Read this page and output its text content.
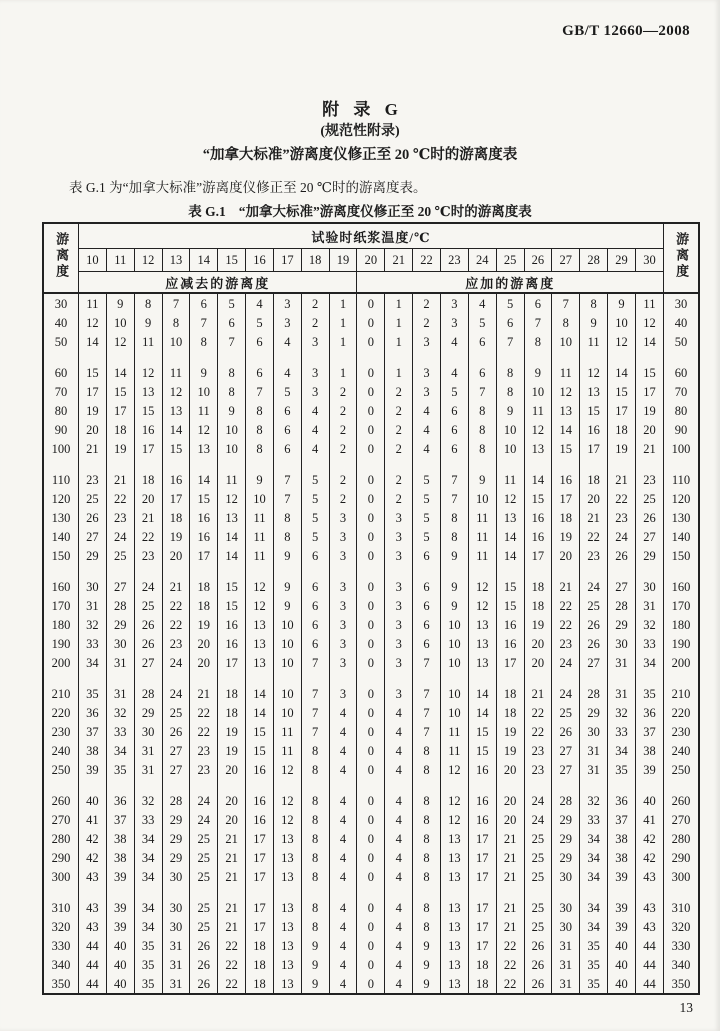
GB/T 12660—2008
附 录 G
(规范性附录)
“加拿大标准”游离度仪修正至 20 ℃时的游离度表
表 G.1 为“加拿大标准”游离度仪修正至 20 ℃时的游离度表。
表 G.1 “加拿大标准”游离度仪修正至 20 ℃时的游离度表
游离度	试验时纸浆温度/℃																					游离度
	10	11	12	13	14	15	16	17	18	19	20	21	22	23	24	25	26	27	28	29	30	
	应减去的游离度										应加的游离度											
30	11	9	8	7	6	5	4	3	2	1	0	1	2	3	4	5	6	7	8	9	11	30
40	12	10	9	8	7	6	5	3	2	1	0	1	2	3	5	6	7	8	9	10	12	40
50	14	12	11	10	8	7	6	4	3	1	0	1	3	4	6	7	8	10	11	12	14	50
60	15	14	12	11	9	8	6	4	3	1	0	1	3	4	6	8	9	11	12	14	15	60
70	17	15	13	12	10	8	7	5	3	2	0	2	3	5	7	8	10	12	13	15	17	70
80	19	17	15	13	11	9	8	6	4	2	0	2	4	6	8	9	11	13	15	17	19	80
90	20	18	16	14	12	10	8	6	4	2	0	2	4	6	8	10	12	14	16	18	20	90
100	21	19	17	15	13	10	8	6	4	2	0	2	4	6	8	10	13	15	17	19	21	100
110	23	21	18	16	14	11	9	7	5	2	0	2	5	7	9	11	14	16	18	21	23	110
120	25	22	20	17	15	12	10	7	5	2	0	2	5	7	10	12	15	17	20	22	25	120
130	26	23	21	18	16	13	11	8	5	3	0	3	5	8	11	13	16	18	21	23	26	130
140	27	24	22	19	16	14	11	8	5	3	0	3	5	8	11	14	16	19	22	24	27	140
150	29	25	23	20	17	14	11	9	6	3	0	3	6	9	11	14	17	20	23	26	29	150
160	30	27	24	21	18	15	12	9	6	3	0	3	6	9	12	15	18	21	24	27	30	160
170	31	28	25	22	18	15	12	9	6	3	0	3	6	9	12	15	18	22	25	28	31	170
180	32	29	26	22	19	16	13	10	6	3	0	3	6	10	13	16	19	22	26	29	32	180
190	33	30	26	23	20	16	13	10	6	3	0	3	6	10	13	16	20	23	26	30	33	190
200	34	31	27	24	20	17	13	10	7	3	0	3	7	10	13	17	20	24	27	31	34	200
210	35	31	28	24	21	18	14	10	7	3	0	3	7	10	14	18	21	24	28	31	35	210
220	36	32	29	25	22	18	14	10	7	4	0	4	7	10	14	18	22	25	29	32	36	220
230	37	33	30	26	22	19	15	11	7	4	0	4	7	11	15	19	22	26	30	33	37	230
240	38	34	31	27	23	19	15	11	8	4	0	4	8	11	15	19	23	27	31	34	38	240
250	39	35	31	27	23	20	16	12	8	4	0	4	8	12	16	20	23	27	31	35	39	250
260	40	36	32	28	24	20	16	12	8	4	0	4	8	12	16	20	24	28	32	36	40	260
270	41	37	33	29	24	20	16	12	8	4	0	4	8	12	16	20	24	29	33	37	41	270
280	42	38	34	29	25	21	17	13	8	4	0	4	8	13	17	21	25	29	34	38	42	280
290	42	38	34	29	25	21	17	13	8	4	0	4	8	13	17	21	25	29	34	38	42	290
300	43	39	34	30	25	21	17	13	8	4	0	4	8	13	17	21	25	30	34	39	43	300
310	43	39	34	30	25	21	17	13	8	4	0	4	8	13	17	21	25	30	34	39	43	310
320	43	39	34	30	25	21	17	13	8	4	0	4	8	13	17	21	25	30	34	39	43	320
330	44	40	35	31	26	22	18	13	9	4	0	4	9	13	17	22	26	31	35	40	44	330
340	44	40	35	31	26	22	18	13	9	4	0	4	9	13	18	22	26	31	35	40	44	340
350	44	40	35	31	26	22	18	13	9	4	0	4	9	13	18	22	26	31	35	40	44	350
13
